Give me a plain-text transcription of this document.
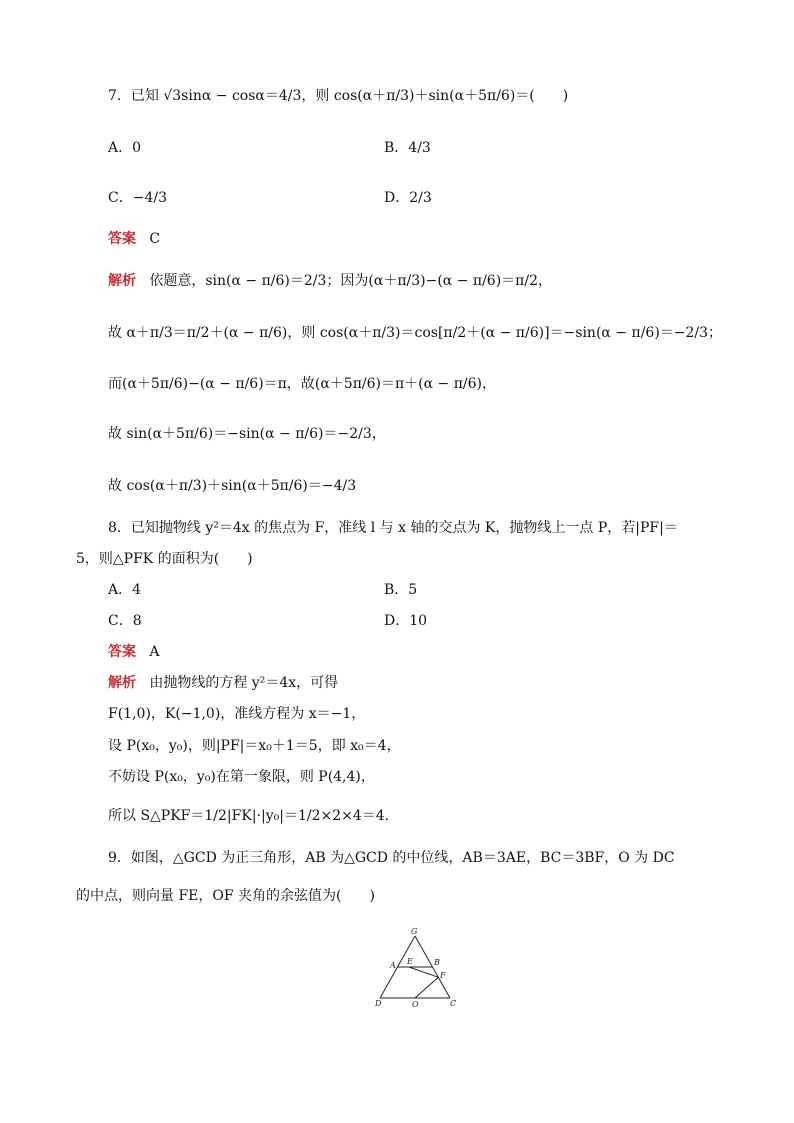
7．已知 √3sinα − cosα＝4/3，则 cos(α＋π/3)＋sin(α＋5π/6)＝(　　)
A．0	B．4/3
C．−4/3	D．2/3
答案 C
解析 依题意，sin(α − π/6)＝2/3；因为(α＋π/3)−(α − π/6)＝π/2，
故 α＋π/3＝π/2＋(α − π/6)，则 cos(α＋π/3)＝cos[π/2＋(α − π/6)]＝−sin(α − π/6)＝−2/3；
而(α＋5π/6)−(α − π/6)＝π，故(α＋5π/6)＝π＋(α − π/6)，
故 sin(α＋5π/6)＝−sin(α − π/6)＝−2/3，
故 cos(α＋π/3)＋sin(α＋5π/6)＝−4/3
8．已知抛物线 y²＝4x 的焦点为 F，准线 l 与 x 轴的交点为 K，抛物线上一点 P，若|PF|＝
5，则△PFK 的面积为(　　)
A．4	B．5
C．8	D．10
答案 A
解析 由抛物线的方程 y²＝4x，可得
F(1,0)，K(−1,0)，准线方程为 x＝−1，
设 P(x₀，y₀)，则|PF|＝x₀＋1＝5，即 x₀＝4，
不妨设 P(x₀，y₀)在第一象限，则 P(4,4)，
所以 S△PKF＝1/2|FK|·|y₀|＝1/2×2×4＝4.
9．如图，△GCD 为正三角形，AB 为△GCD 的中位线，AB＝3AE，BC＝3BF，O 为 DC
的中点，则向量 FE，OF 夹角的余弦值为(　　)
G
A E	B
F
D	O	C
